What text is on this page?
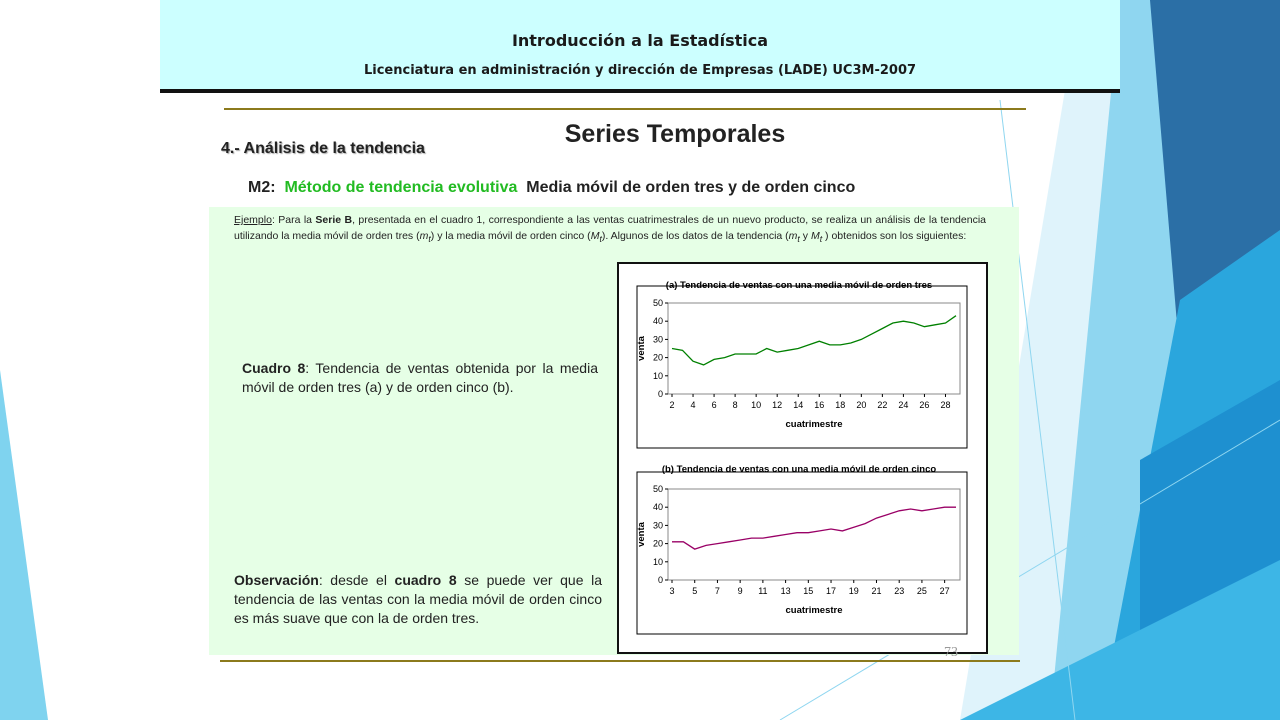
Introducción a la Estadística
Licenciatura en administración y dirección de Empresas (LADE) UC3M-2007
Series Temporales
4.- Análisis de la tendencia
M2: Método de tendencia evolutiva Media móvil de orden tres y de orden cinco
Ejemplo: Para la Serie B, presentada en el cuadro 1, correspondiente a las ventas cuatrimestrales de un nuevo producto, se realiza un análisis de la tendencia utilizando la media móvil de orden tres $(m_t)$ y la media móvil de orden cinco $(M_t)$. Algunos de los datos de la tendencia ($m_t$ y $M_t$ ) obtenidos son los siguientes:
Cuadro 8: Tendencia de ventas obtenida por la media móvil de orden tres (a) y de orden cinco (b).
Observación: desde el cuadro 8 se puede ver que la tendencia de las ventas con la media móvil de orden cinco es más suave que con la de orden tres.
(a) Tendencia de ventas con una media móvil de orden tres
0
10
20
30
40
50
2 4 6 8 10 12 14 16 18 20 22 24 26 28
cuatrimestre
venta
(b) Tendencia de ventas con una media móvil de orden cinco
0
10
20
30
40
50
3 5 7 9 11 13 15 17 19 21 23 25 27
cuatrimestre
venta
73
